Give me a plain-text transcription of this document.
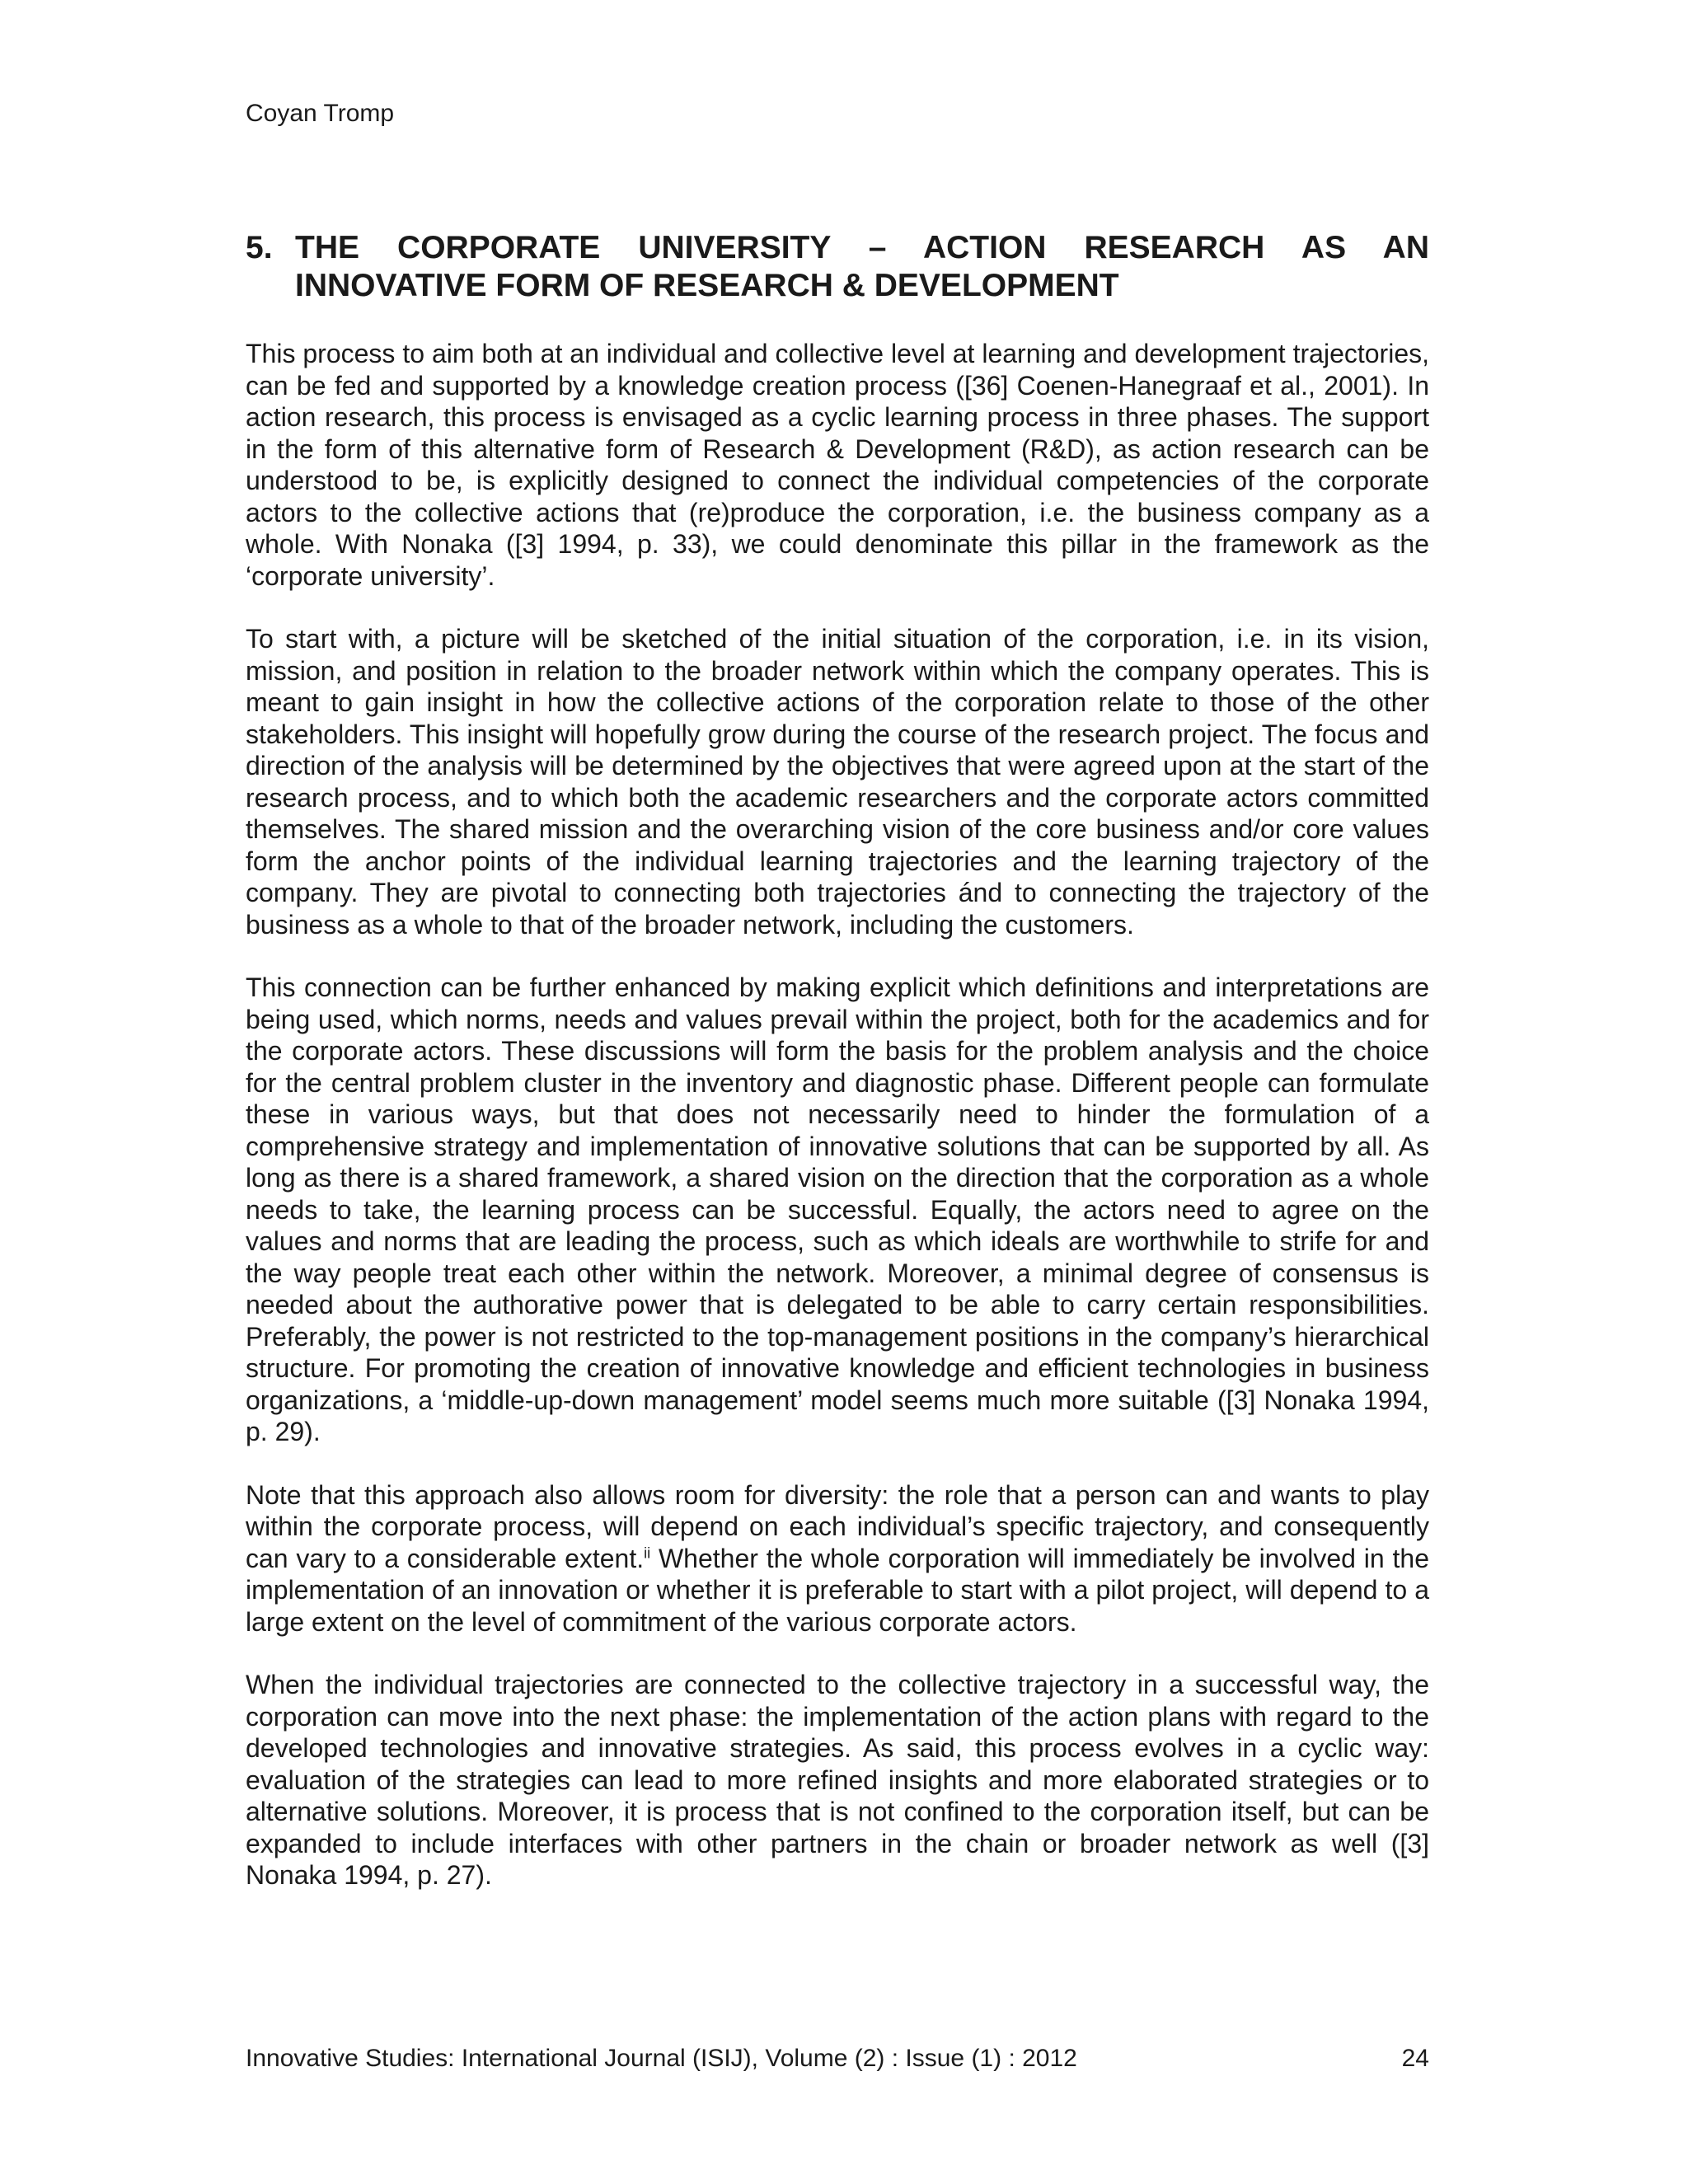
Coyan Tromp
5. THE CORPORATE UNIVERSITY – ACTION RESEARCH AS AN
INNOVATIVE FORM OF RESEARCH & DEVELOPMENT

This process to aim both at an individual and collective level at learning and development trajectories, can be fed and supported by a knowledge creation process ([36] Coenen-Hanegraaf et al., 2001). In action research, this process is envisaged as a cyclic learning process in three phases. The support in the form of this alternative form of Research & Development (R&D), as action research can be understood to be, is explicitly designed to connect the individual competencies of the corporate actors to the collective actions that (re)produce the corporation, i.e. the business company as a whole. With Nonaka ([3] 1994, p. 33), we could denominate this pillar in the framework as the ‘corporate university’.

To start with, a picture will be sketched of the initial situation of the corporation, i.e. in its vision, mission, and position in relation to the broader network within which the company operates. This is meant to gain insight in how the collective actions of the corporation relate to those of the other stakeholders. This insight will hopefully grow during the course of the research project. The focus and direction of the analysis will be determined by the objectives that were agreed upon at the start of the research process, and to which both the academic researchers and the corporate actors committed themselves. The shared mission and the overarching vision of the core business and/or core values form the anchor points of the individual learning trajectories and the learning trajectory of the company. They are pivotal to connecting both trajectories ánd to connecting the trajectory of the business as a whole to that of the broader network, including the customers.

This connection can be further enhanced by making explicit which definitions and interpretations are being used, which norms, needs and values prevail within the project, both for the academics and for the corporate actors. These discussions will form the basis for the problem analysis and the choice for the central problem cluster in the inventory and diagnostic phase. Different people can formulate these in various ways, but that does not necessarily need to hinder the formulation of a comprehensive strategy and implementation of innovative solutions that can be supported by all. As long as there is a shared framework, a shared vision on the direction that the corporation as a whole needs to take, the learning process can be successful. Equally, the actors need to agree on the values and norms that are leading the process, such as which ideals are worthwhile to strife for and the way people treat each other within the network. Moreover, a minimal degree of consensus is needed about the authorative power that is delegated to be able to carry certain responsibilities. Preferably, the power is not restricted to the top-management positions in the company’s hierarchical structure. For promoting the creation of innovative knowledge and efficient technologies in business organizations, a ‘middle-up-down management’ model seems much more suitable ([3] Nonaka 1994, p. 29).

Note that this approach also allows room for diversity: the role that a person can and wants to play within the corporate process, will depend on each individual’s specific trajectory, and consequently can vary to a considerable extent.$^{ii}$ Whether the whole corporation will immediately be involved in the implementation of an innovation or whether it is preferable to start with a pilot project, will depend to a large extent on the level of commitment of the various corporate actors.

When the individual trajectories are connected to the collective trajectory in a successful way, the corporation can move into the next phase: the implementation of the action plans with regard to the developed technologies and innovative strategies. As said, this process evolves in a cyclic way: evaluation of the strategies can lead to more refined insights and more elaborated strategies or to alternative solutions. Moreover, it is process that is not confined to the corporation itself, but can be expanded to include interfaces with other partners in the chain or broader network as well ([3] Nonaka 1994, p. 27).

Innovative Studies: International Journal (ISIJ), Volume (2) : Issue (1) : 2012	24
